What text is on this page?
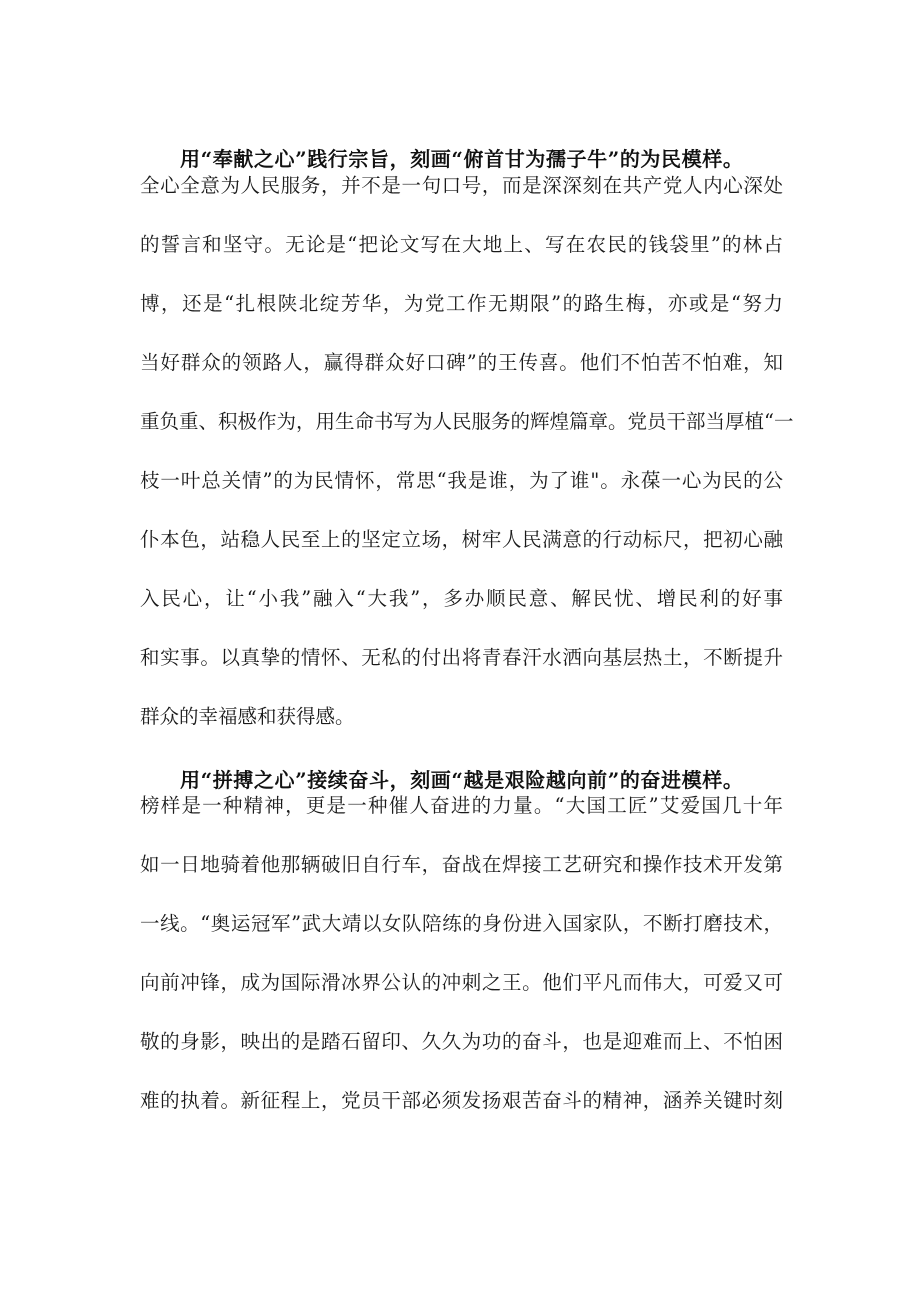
用“奉献之心”践行宗旨，刻画“俯首甘为孺子牛”的为民模样。
全心全意为人民服务，并不是一句口号，而是深深刻在共产党人内心深处
的誓言和坚守。无论是“把论文写在大地上、写在农民的钱袋里”的林占
博，还是“扎根陕北绽芳华，为党工作无期限”的路生梅，亦或是“努力
当好群众的领路人，赢得群众好口碑”的王传喜。他们不怕苦不怕难，知
重负重、积极作为，用生命书写为人民服务的辉煌篇章。党员干部当厚植“一
枝一叶总关情”的为民情怀，常思“我是谁，为了谁"。永葆一心为民的公
仆本色，站稳人民至上的坚定立场，树牢人民满意的行动标尺，把初心融
入民心，让“小我”融入“大我”，多办顺民意、解民忧、增民利的好事
和实事。以真挚的情怀、无私的付出将青春汗水洒向基层热土，不断提升
群众的幸福感和获得感。
用“拼搏之心”接续奋斗，刻画“越是艰险越向前”的奋进模样。
榜样是一种精神，更是一种催人奋进的力量。“大国工匠”艾爱国几十年
如一日地骑着他那辆破旧自行车，奋战在焊接工艺研究和操作技术开发第
一线。“奥运冠军”武大靖以女队陪练的身份进入国家队，不断打磨技术，
向前冲锋，成为国际滑冰界公认的冲刺之王。他们平凡而伟大，可爱又可
敬的身影，映出的是踏石留印、久久为功的奋斗，也是迎难而上、不怕困
难的执着。新征程上，党员干部必须发扬艰苦奋斗的精神，涵养关键时刻
